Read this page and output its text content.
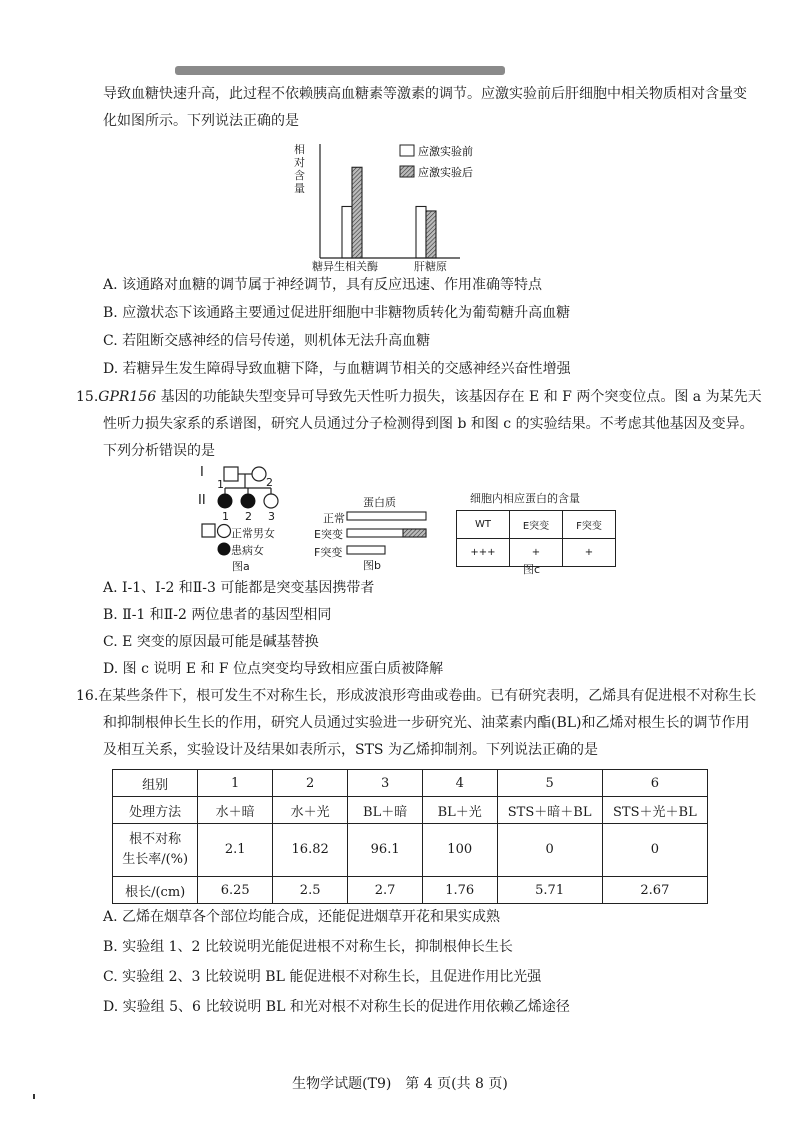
导致血糖快速升高，此过程不依赖胰高血糖素等激素的调节。应激实验前后肝细胞中相关物质相对含量变
化如图所示。下列说法正确的是
应激实验前
应激实验后
相对含量
糖异生相关酶	肝糖原
A. 该通路对血糖的调节属于神经调节，具有反应迅速、作用准确等特点
B. 应激状态下该通路主要通过促进肝细胞中非糖物质转化为葡萄糖升高血糖
C. 若阻断交感神经的信号传递，则机体无法升高血糖
D. 若糖异生发生障碍导致血糖下降，与血糖调节相关的交感神经兴奋性增强
15.GPR156 基因的功能缺失型变异可导致先天性听力损失，该基因存在 E 和 F 两个突变位点。图 a 为某先天
性听力损失家系的系谱图，研究人员通过分子检测得到图 b 和图 c 的实验结果。不考虑其他基因及变异。
下列分析错误的是
I
1	2
II
1 2 3
正常男女
患病女
图a
蛋白质
正常
E突变
F突变
图b
细胞内相应蛋白的含量
WT	E突变	F突变
+++	+	+
图c
A. Ⅰ-1、Ⅰ-2 和Ⅱ-3 可能都是突变基因携带者
B. Ⅱ-1 和Ⅱ-2 两位患者的基因型相同
C. E 突变的原因最可能是碱基替换
D. 图 c 说明 E 和 F 位点突变均导致相应蛋白质被降解
16.在某些条件下，根可发生不对称生长，形成波浪形弯曲或卷曲。已有研究表明，乙烯具有促进根不对称生长
和抑制根伸长生长的作用，研究人员通过实验进一步研究光、油菜素内酯(BL)和乙烯对根生长的调节作用
及相互关系，实验设计及结果如表所示，STS 为乙烯抑制剂。下列说法正确的是
组别	1	2	3	4	5	6
处理方法	水＋暗	水＋光	BL＋暗	BL＋光	STS＋暗＋BL	STS＋光＋BL
根不对称
生长率/(%)	2.1	16.82	96.1	100	0	0
根长/(cm)	6.25	2.5	2.7	1.76	5.71	2.67
A. 乙烯在烟草各个部位均能合成，还能促进烟草开花和果实成熟
B. 实验组 1、2 比较说明光能促进根不对称生长，抑制根伸长生长
C. 实验组 2、3 比较说明 BL 能促进根不对称生长，且促进作用比光强
D. 实验组 5、6 比较说明 BL 和光对根不对称生长的促进作用依赖乙烯途径
生物学试题(T9)　第 4 页(共 8 页)
